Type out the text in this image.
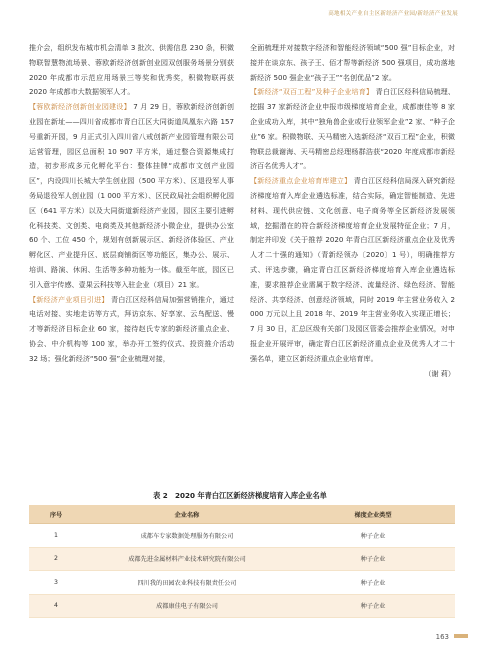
高地相关产业自主区新经济产业园/新经济产业发展

推介会，组织发布城市机会清单 3 批次、供需信息 230 条，积微物联智慧物流场景、蓉欧新经济创新创业园双创服务场景分别获 2020 年成都市示范应用场景三等奖和优秀奖，积微物联再获 2020 年成都市大数据领军人才。

【蓉欧新经济创新创业园建设】 7 月 29 日，蓉欧新经济创新创业园在新址——四川省成都市青白江区大同街道凤凰东六路 157 号重新开园，9 月正式引入四川省八戒创新产业园管理有限公司运营管理，园区总面积 10 907 平方米，通过整合资源集成打造，初步形成多元化孵化平台：整体挂牌“成都市文创产业园区”，内设四川长城大学生创业园（500 平方米）、区退役军人事务局退役军人创业园（1 000 平方米）、区民政局社会组织孵化园区（641 平方米）以及大同街道新经济产业园，园区主要引进孵化科技类、文创类、电商类及其他新经济小微企业，提供办公室 60 个、工位 450 个，规划有创新展示区、新经济体验区、产业孵化区、产业提升区、底层商铺街区等功能区，集办公、展示、培训、路演、休闲、生活等多种功能为一体。截至年底，园区已引入意宇传感、壹果云科技等入驻企业（项目）21 家。

【新经济产业项目引进】 青白江区经科信局加强营销推介，通过电话对接、实地走访等方式，拜访京东、好享家、云鸟配送、慢才等新经济目标企业 60 家，接待赵氏专家的新经济重点企业、协会、中介机构等 100 家，举办开工签约仪式、投资推介活动 32 场；强化新经济“500 强”企业梳理对接，

全面梳理并对接数字经济和智能经济领域“500 强”目标企业，对接并在谈京东、孩子王、佰才帮等新经济 500 强项目，成功落地新经济 500 强企业“孩子王”“名创优品”2 家。

【新经济“双百工程”及种子企业培育】 青白江区经科信局梳理、挖掘 37 家新经济企业申报市级梯度培育企业，成都康佳等 8 家企业成功入库，其中“独角兽企业或行业领军企业”2 家、“种子企业”6 家。积微物联、天马精密入选新经济“双百工程”企业，积微物联总裁谢海、天马精密总经理杨群浩获“2020 年度成都市新经济百名优秀人才”。

【新经济重点企业培育库建立】 青白江区经科信局深入研究新经济梯度培育入库企业遴选标准，结合实际，确定智能制造、先进材料、现代供应链、文化创意、电子商务等全区新经济发展领域，挖掘潜在的符合新经济梯度培育企业发展特征企业；7 月，制定并印发《关于推荐 2020 年青白江区新经济重点企业及优秀人才二十强的通知》（青新经领办〔2020〕1 号），明确推荐方式、评选步骤，确定青白江区新经济梯度培育入库企业遴选标准，要求推荐企业需属于数字经济、流量经济、绿色经济、智能经济、共享经济、创意经济领域，同时 2019 年主营业务收入 2 000 万元以上且 2018 年、2019 年主营业务收入实现正增长；7 月 30 日，汇总区级有关部门及园区管委会推荐企业情况，对申报企业开展评审，确定青白江区新经济重点企业及优秀人才二十强名单，建立区新经济重点企业培育库。

（谢 莉）

表 2　2020 年青白江区新经济梯度培育入库企业名单
序号	企业名称	梯度企业类型
1	成都车专家数据处理服务有限公司	种子企业
2	成都先进金属材料产业技术研究院有限公司	种子企业
3	四川我的田园农业科技有限责任公司	种子企业
4	成都康佳电子有限公司	种子企业
163
